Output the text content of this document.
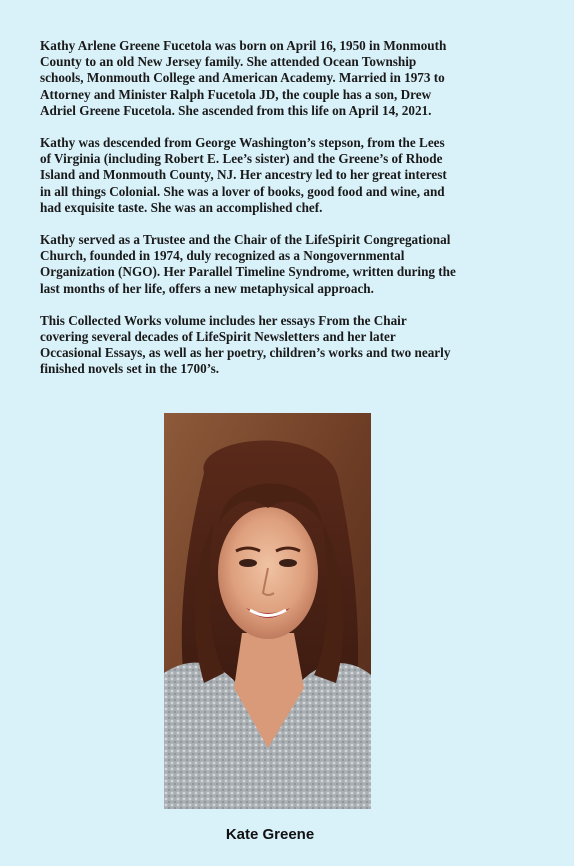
Kathy Arlene Greene Fucetola was born on April 16, 1950 in Monmouth
County to an old New Jersey family. She attended Ocean Township
schools, Monmouth College and American Academy. Married in 1973 to
Attorney and Minister Ralph Fucetola JD, the couple has a son, Drew
Adriel Greene Fucetola. She ascended from this life on April 14, 2021.

Kathy was descended from George Washington’s stepson, from the Lees
of Virginia (including Robert E. Lee’s sister) and the Greene’s of Rhode
Island and Monmouth County, NJ. Her ancestry led to her great interest
in all things Colonial. She was a lover of books, good food and wine, and
had exquisite taste. She was an accomplished chef.

Kathy served as a Trustee and the Chair of the LifeSpirit Congregational
Church, founded in 1974, duly recognized as a Nongovernmental
Organization (NGO). Her Parallel Timeline Syndrome, written during the
last months of her life, offers a new metaphysical approach.

This Collected Works volume includes her essays From the Chair
covering several decades of LifeSpirit Newsletters and her later
Occasional Essays, as well as her poetry, children’s works and two nearly
finished novels set in the 1700’s.

Kate Greene
